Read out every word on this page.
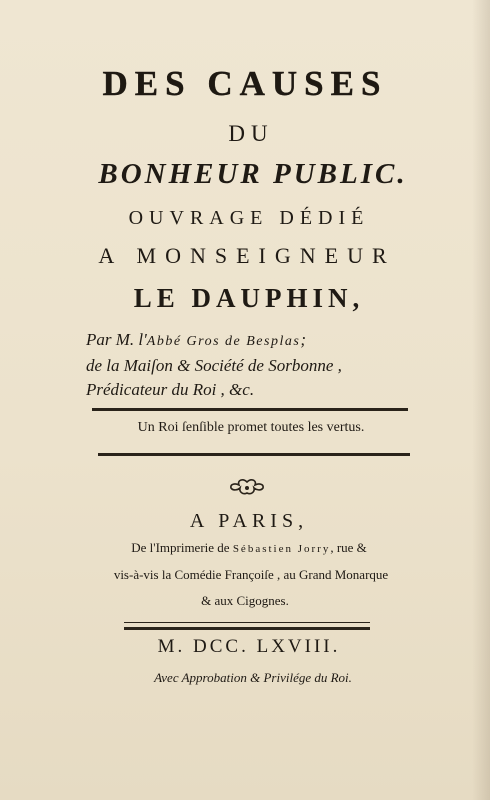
DES CAUSES
DU
BONHEUR PUBLIC.
OUVRAGE DÉDIÉ
A MONSEIGNEUR
LE DAUPHIN,
Par M. l'Abbé Gros de Besplas;
de la Maiſon & Société de Sorbonne ,
Prédicateur du Roi , &c.
Un Roi ſenſible promet toutes les vertus.
A PARIS,
De l'Imprimerie de Sébastien Jorry, rue &
vis-à-vis la Comédie Françoiſe , au Grand Monarque
& aux Cigognes.
M. DCC. LXVIII.
Avec Approbation & Privilége du Roi.
